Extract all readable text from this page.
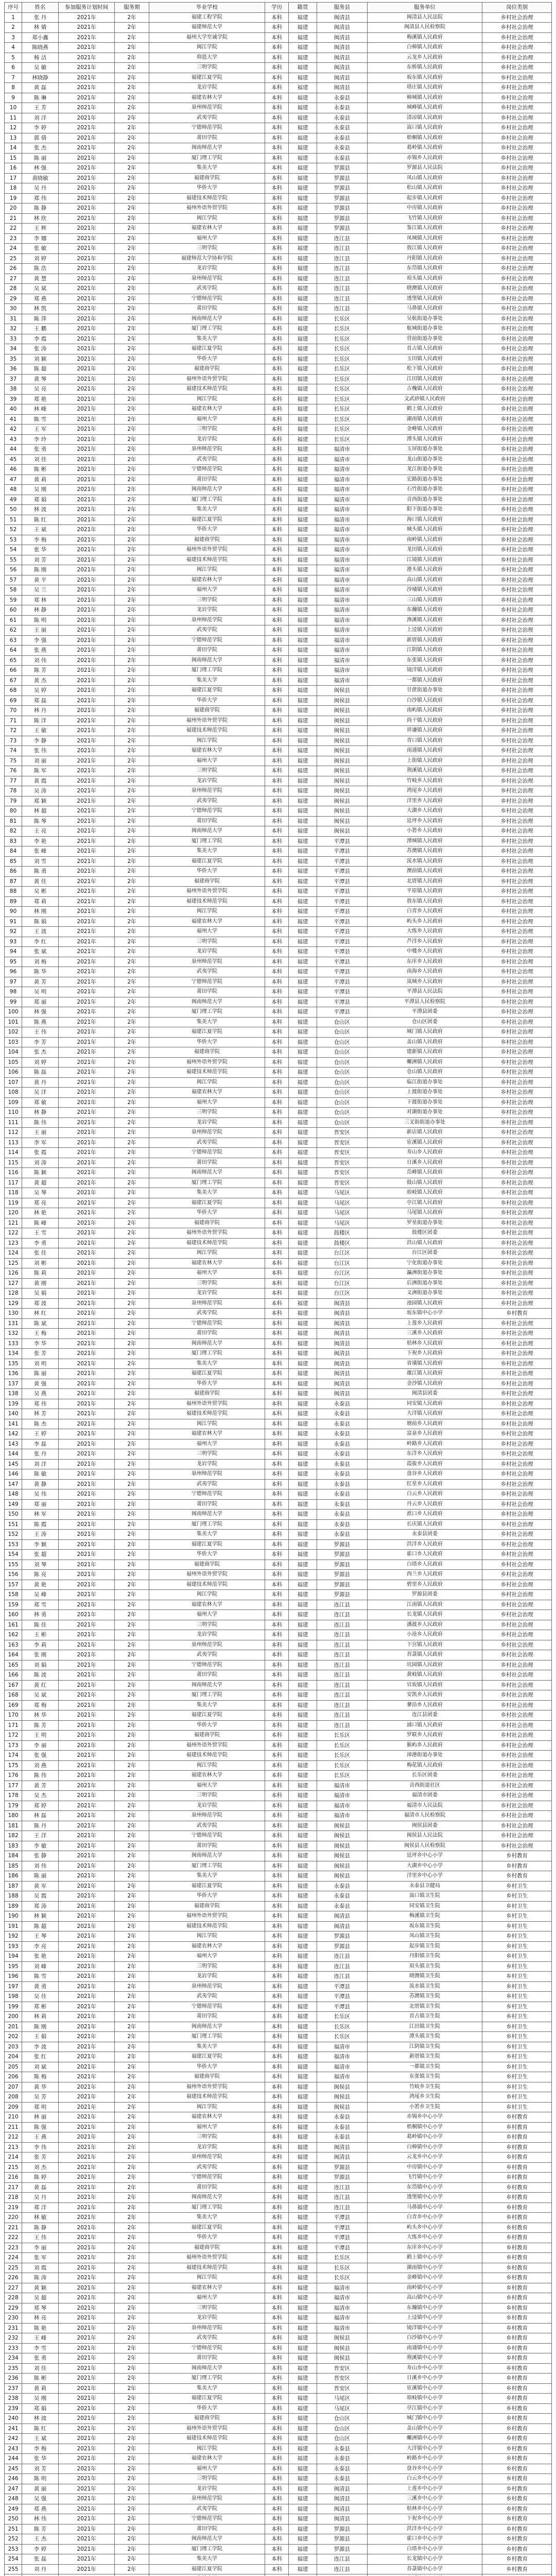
序号	姓名	参加服务计划时间	服务期	毕业学校	学历	籍贯	服务县	服务单位	岗位类别
1	张 丹	2021年	2年	福建工程学院	本科	福建	闽清县	闽清县人民法院	乡村社会治理
2	林 婧	2021年	2年	福建师范大学	本科	福建	闽清县	闽清县人民检察院	乡村社会治理
3	郑小鑫	2021年	2年	福州大学至诚学院	本科	福建	闽清县	梅溪镇人民政府	乡村社会治理
4	陈晓燕	2021年	2年	闽江学院	本科	福建	闽清县	白樟镇人民政府	乡村社会治理
5	杨 洁	2021年	2年	仰恩大学	本科	福建	闽清县	云龙乡人民政府	乡村社会治理
6	吴 敏	2021年	2年	三明学院	本科	福建	闽清县	东桥镇人民政府	乡村社会治理
7	林晓静	2021年	2年	福建江夏学院	本科	福建	闽清县	坂东镇人民政府	乡村社会治理
8	黄 磊	2021年	2年	龙岩学院	本科	福建	闽清县	塔庄镇人民政府	乡村社会治理
9	陈 琳	2021年	2年	福建农林大学	本科	福建	永泰县	樟城镇人民政府	乡村社会治理
10	王 芳	2021年	2年	泉州师范学院	本科	福建	永泰县	城峰镇人民政府	乡村社会治理
11	刘 洋	2021年	2年	武夷学院	本科	福建	永泰县	清凉镇人民政府	乡村社会治理
12	李 婷	2021年	2年	宁德师范学院	本科	福建	永泰县	嵩口镇人民政府	乡村社会治理
13	郭 倩	2021年	2年	莆田学院	本科	福建	永泰县	梧桐镇人民政府	乡村社会治理
14	张 杰	2021年	2年	闽南师范大学	本科	福建	永泰县	葛岭镇人民政府	乡村社会治理
15	陈 丽	2021年	2年	厦门理工学院	本科	福建	永泰县	赤锡乡人民政府	乡村社会治理
16	林 强	2021年	2年	集美大学	本科	福建	罗源县	罗源县人民法院	乡村社会治理
17	黄晓敏	2021年	2年	福建商学院	本科	福建	罗源县	凤山镇人民政府	乡村社会治理
18	吴 丹	2021年	2年	华侨大学	本科	福建	罗源县	松山镇人民政府	乡村社会治理
19	郑 伟	2021年	2年	福建技术师范学院	本科	福建	罗源县	起步镇人民政府	乡村社会治理
20	陈 静	2021年	2年	福州外语外贸学院	本科	福建	罗源县	中房镇人民政府	乡村社会治理
21	林 欣	2021年	2年	闽江学院	本科	福建	罗源县	飞竹镇人民政府	乡村社会治理
22	王 辉	2021年	2年	福建农林大学	本科	福建	罗源县	鉴江镇人民政府	乡村社会治理
23	李 娜	2021年	2年	福州大学	本科	福建	连江县	凤城镇人民政府	乡村社会治理
24	张 敏	2021年	2年	三明学院	本科	福建	连江县	敖江镇人民政府	乡村社会治理
25	刘 婷	2021年	2年	福建师范大学协和学院	本科	福建	连江县	丹阳镇人民政府	乡村社会治理
26	陈 浩	2021年	2年	龙岩学院	本科	福建	连江县	东岱镇人民政府	乡村社会治理
27	黄 慧	2021年	2年	泉州师范学院	本科	福建	连江县	琯头镇人民政府	乡村社会治理
28	吴 斌	2021年	2年	武夷学院	本科	福建	连江县	晓澳镇人民政府	乡村社会治理
29	郑 燕	2021年	2年	宁德师范学院	本科	福建	连江县	透堡镇人民政府	乡村社会治理
30	林 凯	2021年	2年	莆田学院	本科	福建	连江县	马鼻镇人民政府	乡村社会治理
31	陈 萍	2021年	2年	闽南师范大学	本科	福建	长乐区	吴航街道办事处	乡村社会治理
32	王 鹏	2021年	2年	厦门理工学院	本科	福建	长乐区	航城街道办事处	乡村社会治理
33	李 霞	2021年	2年	集美大学	本科	福建	长乐区	营前街道办事处	乡村社会治理
34	张 涛	2021年	2年	福建江夏学院	本科	福建	长乐区	首占镇人民政府	乡村社会治理
35	刘 颖	2021年	2年	华侨大学	本科	福建	长乐区	玉田镇人民政府	乡村社会治理
36	陈 超	2021年	2年	福建商学院	本科	福建	长乐区	松下镇人民政府	乡村社会治理
37	黄 琴	2021年	2年	福州外语外贸学院	本科	福建	长乐区	江田镇人民政府	乡村社会治理
38	吴 亮	2021年	2年	福建技术师范学院	本科	福建	长乐区	古槐镇人民政府	乡村社会治理
39	郑 艳	2021年	2年	闽江学院	本科	福建	长乐区	文武砂镇人民政府	乡村社会治理
40	林 峰	2021年	2年	福建农林大学	本科	福建	长乐区	鹤上镇人民政府	乡村社会治理
41	陈 雪	2021年	2年	福州大学	本科	福建	长乐区	湖南镇人民政府	乡村社会治理
42	王 军	2021年	2年	三明学院	本科	福建	长乐区	金峰镇人民政府	乡村社会治理
43	李 玲	2021年	2年	龙岩学院	本科	福建	长乐区	潭头镇人民政府	乡村社会治理
44	张 勇	2021年	2年	泉州师范学院	本科	福建	福清市	玉屏街道办事处	乡村社会治理
45	刘 佳	2021年	2年	武夷学院	本科	福建	福清市	龙山街道办事处	乡村社会治理
46	陈 彬	2021年	2年	宁德师范学院	本科	福建	福清市	龙江街道办事处	乡村社会治理
47	黄 莉	2021年	2年	莆田学院	本科	福建	福清市	宏路街道办事处	乡村社会治理
48	吴 刚	2021年	2年	闽南师范大学	本科	福建	福清市	石竹街道办事处	乡村社会治理
49	郑 娟	2021年	2年	厦门理工学院	本科	福建	福清市	音西街道办事处	乡村社会治理
50	林 波	2021年	2年	集美大学	本科	福建	福清市	阳下街道办事处	乡村社会治理
51	陈 红	2021年	2年	福建江夏学院	本科	福建	福清市	海口镇人民政府	乡村社会治理
52	王 斌	2021年	2年	华侨大学	本科	福建	福清市	城头镇人民政府	乡村社会治理
53	李 梅	2021年	2年	福建商学院	本科	福建	福清市	南岭镇人民政府	乡村社会治理
54	张 华	2021年	2年	福州外语外贸学院	本科	福建	福清市	龙田镇人民政府	乡村社会治理
55	刘 芳	2021年	2年	福建技术师范学院	本科	福建	福清市	江镜镇人民政府	乡村社会治理
56	陈 刚	2021年	2年	闽江学院	本科	福建	福清市	港头镇人民政府	乡村社会治理
57	黄 平	2021年	2年	福建农林大学	本科	福建	福清市	高山镇人民政府	乡村社会治理
58	吴 兰	2021年	2年	福州大学	本科	福建	福清市	沙埔镇人民政府	乡村社会治理
59	郑 林	2021年	2年	三明学院	本科	福建	福清市	三山镇人民政府	乡村社会治理
60	林 静	2021年	2年	龙岩学院	本科	福建	福清市	东瀚镇人民政府	乡村社会治理
61	陈 明	2021年	2年	泉州师范学院	本科	福建	福清市	渔溪镇人民政府	乡村社会治理
62	王 丽	2021年	2年	武夷学院	本科	福建	福清市	上迳镇人民政府	乡村社会治理
63	李 强	2021年	2年	宁德师范学院	本科	福建	福清市	新厝镇人民政府	乡村社会治理
64	张 燕	2021年	2年	莆田学院	本科	福建	福清市	江阴镇人民政府	乡村社会治理
65	刘 伟	2021年	2年	闽南师范大学	本科	福建	福清市	东张镇人民政府	乡村社会治理
66	陈 芳	2021年	2年	厦门理工学院	本科	福建	福清市	镜洋镇人民政府	乡村社会治理
67	黄 杰	2021年	2年	集美大学	本科	福建	福清市	一都镇人民政府	乡村社会治理
68	吴 婷	2021年	2年	福建江夏学院	本科	福建	闽侯县	甘蔗街道办事处	乡村社会治理
69	郑 磊	2021年	2年	华侨大学	本科	福建	闽侯县	白沙镇人民政府	乡村社会治理
70	林 丹	2021年	2年	福建商学院	本科	福建	闽侯县	南屿镇人民政府	乡村社会治理
71	陈 洋	2021年	2年	福州外语外贸学院	本科	福建	闽侯县	尚干镇人民政府	乡村社会治理
72	王 敏	2021年	2年	福建技术师范学院	本科	福建	闽侯县	祥谦镇人民政府	乡村社会治理
73	李 静	2021年	2年	闽江学院	本科	福建	闽侯县	青口镇人民政府	乡村社会治理
74	张 伟	2021年	2年	福建农林大学	本科	福建	闽侯县	南通镇人民政府	乡村社会治理
75	刘 丽	2021年	2年	福州大学	本科	福建	闽侯县	上街镇人民政府	乡村社会治理
76	陈 军	2021年	2年	三明学院	本科	福建	闽侯县	荆溪镇人民政府	乡村社会治理
77	黄 霞	2021年	2年	龙岩学院	本科	福建	闽侯县	竹岐乡人民政府	乡村社会治理
78	吴 涛	2021年	2年	泉州师范学院	本科	福建	闽侯县	鸿尾乡人民政府	乡村社会治理
79	郑 颖	2021年	2年	武夷学院	本科	福建	闽侯县	洋里乡人民政府	乡村社会治理
80	林 超	2021年	2年	宁德师范学院	本科	福建	闽侯县	大湖乡人民政府	乡村社会治理
81	陈 琴	2021年	2年	莆田学院	本科	福建	闽侯县	廷坪乡人民政府	乡村社会治理
82	王 亮	2021年	2年	闽南师范大学	本科	福建	闽侯县	小箬乡人民政府	乡村社会治理
83	李 艳	2021年	2年	厦门理工学院	本科	福建	平潭县	潭城镇人民政府	乡村社会治理
84	张 峰	2021年	2年	集美大学	本科	福建	平潭县	苏澳镇人民政府	乡村社会治理
85	刘 雪	2021年	2年	福建江夏学院	本科	福建	平潭县	流水镇人民政府	乡村社会治理
86	陈 勇	2021年	2年	华侨大学	本科	福建	平潭县	澳前镇人民政府	乡村社会治理
87	黄 佳	2021年	2年	福建商学院	本科	福建	平潭县	北厝镇人民政府	乡村社会治理
88	吴 彬	2021年	2年	福州外语外贸学院	本科	福建	平潭县	平原镇人民政府	乡村社会治理
89	郑 莉	2021年	2年	福建技术师范学院	本科	福建	平潭县	敖东镇人民政府	乡村社会治理
90	林 刚	2021年	2年	闽江学院	本科	福建	平潭县	白青乡人民政府	乡村社会治理
91	陈 娟	2021年	2年	福建农林大学	本科	福建	平潭县	屿头乡人民政府	乡村社会治理
92	王 波	2021年	2年	福州大学	本科	福建	平潭县	大练乡人民政府	乡村社会治理
93	李 红	2021年	2年	三明学院	本科	福建	平潭县	芦洋乡人民政府	乡村社会治理
94	张 斌	2021年	2年	龙岩学院	本科	福建	平潭县	中楼乡人民政府	乡村社会治理
95	刘 梅	2021年	2年	泉州师范学院	本科	福建	平潭县	东庠乡人民政府	乡村社会治理
96	陈 华	2021年	2年	武夷学院	本科	福建	平潭县	南海乡人民政府	乡村社会治理
97	黄 芳	2021年	2年	宁德师范学院	本科	福建	平潭县	岚城乡人民政府	乡村社会治理
98	吴 明	2021年	2年	莆田学院	本科	福建	平潭县	平潭县人民法院	乡村社会治理
99	郑 丽	2021年	2年	闽南师范大学	本科	福建	平潭县	平潭县人民检察院	乡村社会治理
100	林 强	2021年	2年	厦门理工学院	本科	福建	平潭县	平潭县团委	乡村社会治理
101	陈 燕	2021年	2年	集美大学	本科	福建	仓山区	仓山区团委	乡村社会治理
102	王 伟	2021年	2年	福建江夏学院	本科	福建	仓山区	城门镇人民政府	乡村社会治理
103	李 芳	2021年	2年	华侨大学	本科	福建	仓山区	盖山镇人民政府	乡村社会治理
104	张 杰	2021年	2年	福建商学院	本科	福建	仓山区	建新镇人民政府	乡村社会治理
105	刘 婷	2021年	2年	福州外语外贸学院	本科	福建	仓山区	螺洲镇人民政府	乡村社会治理
106	陈 磊	2021年	2年	福建技术师范学院	本科	福建	仓山区	仓山镇人民政府	乡村社会治理
107	黄 丹	2021年	2年	闽江学院	本科	福建	仓山区	临江街道办事处	乡村社会治理
108	吴 洋	2021年	2年	福建农林大学	本科	福建	仓山区	上渡街道办事处	乡村社会治理
109	郑 敏	2021年	2年	福州大学	本科	福建	仓山区	下渡街道办事处	乡村社会治理
110	林 静	2021年	2年	三明学院	本科	福建	仓山区	对湖街道办事处	乡村社会治理
111	陈 伟	2021年	2年	龙岩学院	本科	福建	仓山区	三叉街街道办事处	乡村社会治理
112	王 丽	2021年	2年	泉州师范学院	本科	福建	晋安区	新店镇人民政府	乡村社会治理
113	李 军	2021年	2年	武夷学院	本科	福建	晋安区	宦溪镇人民政府	乡村社会治理
114	张 霞	2021年	2年	宁德师范学院	本科	福建	晋安区	寿山乡人民政府	乡村社会治理
115	刘 涛	2021年	2年	莆田学院	本科	福建	晋安区	日溪乡人民政府	乡村社会治理
116	陈 颖	2021年	2年	闽南师范大学	本科	福建	晋安区	岳峰镇人民政府	乡村社会治理
117	黄 超	2021年	2年	厦门理工学院	本科	福建	晋安区	鼓山镇人民政府	乡村社会治理
118	吴 琴	2021年	2年	集美大学	本科	福建	马尾区	琅岐镇人民政府	乡村社会治理
119	郑 亮	2021年	2年	福建江夏学院	本科	福建	马尾区	亭江镇人民政府	乡村社会治理
120	林 艳	2021年	2年	华侨大学	本科	福建	马尾区	马尾镇人民政府	乡村社会治理
121	陈 峰	2021年	2年	福建商学院	本科	福建	马尾区	罗星街道办事处	乡村社会治理
122	王 雪	2021年	2年	福州外语外贸学院	本科	福建	鼓楼区	鼓楼区团委	乡村社会治理
123	李 勇	2021年	2年	福建技术师范学院	本科	福建	鼓楼区	洪山镇人民政府	乡村社会治理
124	张 佳	2021年	2年	闽江学院	本科	福建	台江区	台江区团委	乡村社会治理
125	刘 彬	2021年	2年	福建农林大学	本科	福建	台江区	宁化街道办事处	乡村社会治理
126	陈 莉	2021年	2年	福州大学	本科	福建	台江区	瀛洲街道办事处	乡村社会治理
127	黄 刚	2021年	2年	三明学院	本科	福建	台江区	后洲街道办事处	乡村社会治理
128	吴 娟	2021年	2年	龙岩学院	本科	福建	台江区	义洲街道办事处	乡村社会治理
129	郑 波	2021年	2年	泉州师范学院	本科	福建	闽清县	池园镇人民政府	乡村社会治理
130	林 红	2021年	2年	武夷学院	本科	福建	闽清县	坂东镇中心小学	乡村教育
131	陈 斌	2021年	2年	宁德师范学院	本科	福建	闽清县	上莲乡人民政府	乡村社会治理
132	王 梅	2021年	2年	莆田学院	本科	福建	闽清县	三溪乡人民政府	乡村社会治理
133	李 华	2021年	2年	闽南师范大学	本科	福建	闽清县	桔林乡人民政府	乡村社会治理
134	张 芳	2021年	2年	厦门理工学院	本科	福建	闽清县	下祝乡人民政府	乡村社会治理
135	刘 明	2021年	2年	集美大学	本科	福建	闽清县	省璜镇人民政府	乡村社会治理
136	陈 丽	2021年	2年	福建江夏学院	本科	福建	闽清县	雄江镇人民政府	乡村社会治理
137	黄 强	2021年	2年	华侨大学	本科	福建	闽清县	金沙镇人民政府	乡村社会治理
138	吴 燕	2021年	2年	福建商学院	本科	福建	闽清县	闽清县团委	乡村社会治理
139	郑 伟	2021年	2年	福州外语外贸学院	本科	福建	永泰县	同安镇人民政府	乡村社会治理
140	林 芳	2021年	2年	福建技术师范学院	本科	福建	永泰县	大洋镇人民政府	乡村社会治理
141	陈 杰	2021年	2年	闽江学院	本科	福建	永泰县	塘前乡人民政府	乡村社会治理
142	王 婷	2021年	2年	福建农林大学	本科	福建	永泰县	富泉乡人民政府	乡村社会治理
143	李 磊	2021年	2年	福州大学	本科	福建	永泰县	岭路乡人民政府	乡村社会治理
144	张 丹	2021年	2年	三明学院	本科	福建	永泰县	东洋乡人民政府	乡村社会治理
145	刘 洋	2021年	2年	龙岩学院	本科	福建	永泰县	霞拔乡人民政府	乡村社会治理
146	陈 敏	2021年	2年	泉州师范学院	本科	福建	永泰县	盘谷乡人民政府	乡村社会治理
147	黄 静	2021年	2年	武夷学院	本科	福建	永泰县	红星乡人民政府	乡村社会治理
148	吴 伟	2021年	2年	宁德师范学院	本科	福建	永泰县	白云乡人民政府	乡村社会治理
149	郑 丽	2021年	2年	莆田学院	本科	福建	永泰县	丹云乡人民政府	乡村社会治理
150	林 军	2021年	2年	闽南师范大学	本科	福建	永泰县	洑口乡人民政府	乡村社会治理
151	陈 霞	2021年	2年	厦门理工学院	本科	福建	永泰县	长庆镇人民政府	乡村社会治理
152	王 涛	2021年	2年	集美大学	本科	福建	永泰县	永泰县团委	乡村社会治理
153	李 颖	2021年	2年	福建江夏学院	本科	福建	罗源县	洪洋乡人民政府	乡村社会治理
154	张 超	2021年	2年	华侨大学	本科	福建	罗源县	霍口乡人民政府	乡村社会治理
155	刘 琴	2021年	2年	福建商学院	本科	福建	罗源县	白塔乡人民政府	乡村社会治理
156	陈 亮	2021年	2年	福州外语外贸学院	本科	福建	罗源县	西兰乡人民政府	乡村社会治理
157	黄 艳	2021年	2年	福建技术师范学院	本科	福建	罗源县	碧里乡人民政府	乡村社会治理
158	吴 峰	2021年	2年	闽江学院	本科	福建	罗源县	罗源县团委	乡村社会治理
159	郑 雪	2021年	2年	福建农林大学	本科	福建	连江县	江南镇人民政府	乡村社会治理
160	林 勇	2021年	2年	福州大学	本科	福建	连江县	长龙镇人民政府	乡村社会治理
161	陈 佳	2021年	2年	三明学院	本科	福建	连江县	潘渡乡人民政府	乡村社会治理
162	王 彬	2021年	2年	龙岩学院	本科	福建	连江县	小沧乡人民政府	乡村社会治理
163	李 莉	2021年	2年	泉州师范学院	本科	福建	连江县	下宫镇人民政府	乡村社会治理
164	张 刚	2021年	2年	武夷学院	本科	福建	连江县	苔菉镇人民政府	乡村社会治理
165	刘 娟	2021年	2年	宁德师范学院	本科	福建	连江县	坑园镇人民政府	乡村社会治理
166	陈 波	2021年	2年	莆田学院	本科	福建	连江县	黄岐镇人民政府	乡村社会治理
167	黄 红	2021年	2年	闽南师范大学	本科	福建	连江县	官坂镇人民政府	乡村社会治理
168	吴 斌	2021年	2年	厦门理工学院	本科	福建	连江县	安凯乡人民政府	乡村社会治理
169	郑 梅	2021年	2年	集美大学	本科	福建	连江县	蓼沿乡人民政府	乡村社会治理
170	林 华	2021年	2年	福建江夏学院	本科	福建	连江县	连江县团委	乡村社会治理
171	陈 芳	2021年	2年	华侨大学	本科	福建	连江县	浦口镇人民政府	乡村社会治理
172	王 明	2021年	2年	福建商学院	本科	福建	长乐区	罗联乡人民政府	乡村社会治理
173	李 丽	2021年	2年	福州外语外贸学院	本科	福建	长乐区	猴屿乡人民政府	乡村社会治理
174	张 强	2021年	2年	福建技术师范学院	本科	福建	长乐区	漳港街道办事处	乡村社会治理
175	刘 燕	2021年	2年	闽江学院	本科	福建	长乐区	梅花镇人民政府	乡村社会治理
176	陈 伟	2021年	2年	福建农林大学	本科	福建	长乐区	长乐区团委	乡村社会治理
177	黄 芳	2021年	2年	福州大学	本科	福建	福清市	音西街道社区	乡村社会治理
178	吴 杰	2021年	2年	三明学院	本科	福建	福清市	福清市团委	乡村社会治理
179	郑 婷	2021年	2年	龙岩学院	本科	福建	福清市	福清市人民法院	乡村社会治理
180	林 磊	2021年	2年	泉州师范学院	本科	福建	福清市	福清市人民检察院	乡村社会治理
181	陈 丹	2021年	2年	武夷学院	本科	福建	闽侯县	闽侯县团委	乡村社会治理
182	王 洋	2021年	2年	宁德师范学院	本科	福建	闽侯县	闽侯县人民法院	乡村社会治理
183	李 敏	2021年	2年	莆田学院	本科	福建	闽侯县	闽侯县人民检察院	乡村社会治理
184	张 静	2021年	2年	闽南师范大学	本科	福建	闽侯县	廷坪乡中心小学	乡村教育
185	刘 伟	2021年	2年	厦门理工学院	本科	福建	闽侯县	大湖乡中心小学	乡村教育
186	陈 丽	2021年	2年	集美大学	本科	福建	闽侯县	洋里乡中心小学	乡村教育
187	黄 军	2021年	2年	福建江夏学院	本科	福建	永泰县	永泰县卫健局	乡村卫生
188	吴 霞	2021年	2年	华侨大学	本科	福建	永泰县	嵩口镇卫生院	乡村卫生
189	郑 涛	2021年	2年	福建商学院	本科	福建	永泰县	同安镇卫生院	乡村卫生
190	林 颖	2021年	2年	福州外语外贸学院	本科	福建	闽清县	梅溪镇卫生院	乡村卫生
191	陈 超	2021年	2年	福建技术师范学院	本科	福建	闽清县	坂东镇卫生院	乡村卫生
192	王 琴	2021年	2年	闽江学院	本科	福建	罗源县	凤山镇卫生院	乡村卫生
193	李 亮	2021年	2年	福建农林大学	本科	福建	罗源县	起步镇卫生院	乡村卫生
194	张 艳	2021年	2年	福州大学	本科	福建	连江县	丹阳镇卫生院	乡村卫生
195	刘 峰	2021年	2年	三明学院	本科	福建	连江县	琯头镇卫生院	乡村卫生
196	陈 雪	2021年	2年	龙岩学院	本科	福建	连江县	晓澳镇卫生院	乡村卫生
197	黄 勇	2021年	2年	泉州师范学院	本科	福建	平潭县	流水镇卫生院	乡村卫生
198	吴 佳	2021年	2年	武夷学院	本科	福建	平潭县	苏澳镇卫生院	乡村卫生
199	郑 彬	2021年	2年	宁德师范学院	本科	福建	平潭县	北厝镇卫生院	乡村卫生
200	林 莉	2021年	2年	莆田学院	本科	福建	长乐区	首占镇卫生院	乡村卫生
201	陈 刚	2021年	2年	闽南师范大学	本科	福建	长乐区	江田镇卫生院	乡村卫生
202	王 娟	2021年	2年	厦门理工学院	本科	福建	长乐区	潭头镇卫生院	乡村卫生
203	李 波	2021年	2年	集美大学	本科	福建	福清市	江阴镇卫生院	乡村卫生
204	张 红	2021年	2年	福建江夏学院	本科	福建	福清市	新厝镇卫生院	乡村卫生
205	刘 斌	2021年	2年	华侨大学	本科	福建	福清市	一都镇卫生院	乡村卫生
206	陈 梅	2021年	2年	福建商学院	本科	福建	福清市	东张镇卫生院	乡村卫生
207	黄 华	2021年	2年	福州外语外贸学院	本科	福建	闽侯县	竹岐乡卫生院	乡村卫生
208	吴 芳	2021年	2年	福建技术师范学院	本科	福建	闽侯县	鸿尾乡卫生院	乡村卫生
209	郑 明	2021年	2年	闽江学院	本科	福建	闽侯县	小箬乡卫生院	乡村卫生
210	林 丽	2021年	2年	福建农林大学	本科	福建	永泰县	赤锡乡中心小学	乡村教育
211	陈 强	2021年	2年	福州大学	本科	福建	永泰县	梧桐镇中心小学	乡村教育
212	王 燕	2021年	2年	三明学院	本科	福建	永泰县	葛岭镇中心小学	乡村教育
213	李 伟	2021年	2年	龙岩学院	本科	福建	闽清县	白樟镇中心小学	乡村教育
214	张 芳	2021年	2年	泉州师范学院	本科	福建	闽清县	云龙乡中心小学	乡村教育
215	刘 杰	2021年	2年	武夷学院	本科	福建	罗源县	中房镇中心小学	乡村教育
216	陈 婷	2021年	2年	宁德师范学院	本科	福建	罗源县	飞竹镇中心小学	乡村教育
217	黄 磊	2021年	2年	莆田学院	本科	福建	连江县	东岱镇中心小学	乡村教育
218	吴 丹	2021年	2年	闽南师范大学	本科	福建	连江县	透堡镇中心小学	乡村教育
219	郑 洋	2021年	2年	厦门理工学院	本科	福建	连江县	马鼻镇中心小学	乡村教育
220	林 敏	2021年	2年	集美大学	本科	福建	平潭县	白青乡中心小学	乡村教育
221	陈 静	2021年	2年	福建江夏学院	本科	福建	平潭县	屿头乡中心小学	乡村教育
222	王 伟	2021年	2年	华侨大学	本科	福建	平潭县	大练乡中心小学	乡村教育
223	李 丽	2021年	2年	福建商学院	本科	福建	平潭县	东庠乡中心小学	乡村教育
224	张 军	2021年	2年	福州外语外贸学院	本科	福建	长乐区	鹤上镇中心小学	乡村教育
225	刘 霞	2021年	2年	福建技术师范学院	本科	福建	长乐区	湖南镇中心小学	乡村教育
226	陈 涛	2021年	2年	闽江学院	本科	福建	长乐区	金峰镇中心小学	乡村教育
227	黄 颖	2021年	2年	福建农林大学	本科	福建	福清市	南岭镇中心小学	乡村教育
228	吴 超	2021年	2年	福州大学	本科	福建	福清市	高山镇中心小学	乡村教育
229	郑 琴	2021年	2年	三明学院	本科	福建	福清市	东瀚镇中心小学	乡村教育
230	林 亮	2021年	2年	龙岩学院	本科	福建	福清市	上迳镇中心小学	乡村教育
231	陈 艳	2021年	2年	泉州师范学院	本科	福建	福清市	镜洋镇中心小学	乡村教育
232	王 峰	2021年	2年	武夷学院	本科	福建	闽侯县	白沙镇中心小学	乡村教育
233	李 雪	2021年	2年	宁德师范学院	本科	福建	闽侯县	南通镇中心小学	乡村教育
234	张 勇	2021年	2年	莆田学院	本科	福建	闽侯县	荆溪镇中心小学	乡村教育
235	刘 佳	2021年	2年	闽南师范大学	本科	福建	晋安区	寿山乡中心小学	乡村教育
236	陈 彬	2021年	2年	厦门理工学院	本科	福建	晋安区	日溪乡中心小学	乡村教育
237	黄 莉	2021年	2年	集美大学	本科	福建	晋安区	宦溪镇中心小学	乡村教育
238	吴 刚	2021年	2年	福建江夏学院	本科	福建	马尾区	琅岐镇中心小学	乡村教育
239	郑 娟	2021年	2年	华侨大学	本科	福建	马尾区	亭江镇中心小学	乡村教育
240	林 波	2021年	2年	福建商学院	本科	福建	仓山区	城门镇中心小学	乡村教育
241	陈 红	2021年	2年	福州外语外贸学院	本科	福建	仓山区	盖山镇中心小学	乡村教育
242	王 斌	2021年	2年	福建技术师范学院	本科	福建	仓山区	螺洲镇中心小学	乡村教育
243	李 梅	2021年	2年	闽江学院	本科	福建	永泰县	大洋镇中心小学	乡村教育
244	张 华	2021年	2年	福建农林大学	本科	福建	永泰县	岭路乡中心小学	乡村教育
245	刘 芳	2021年	2年	福州大学	本科	福建	永泰县	盘谷乡中心小学	乡村教育
246	陈 明	2021年	2年	三明学院	本科	福建	永泰县	白云乡中心小学	乡村教育
247	黄 丽	2021年	2年	龙岩学院	本科	福建	闽清县	上莲乡中心小学	乡村教育
248	吴 强	2021年	2年	泉州师范学院	本科	福建	闽清县	三溪乡中心小学	乡村教育
249	郑 燕	2021年	2年	武夷学院	本科	福建	闽清县	桔林乡中心小学	乡村教育
250	林 伟	2021年	2年	宁德师范学院	本科	福建	闽清县	下祝乡中心小学	乡村教育
251	陈 芳	2021年	2年	莆田学院	本科	福建	罗源县	洪洋乡中心小学	乡村教育
252	王 杰	2021年	2年	闽南师范大学	本科	福建	罗源县	霍口乡中心小学	乡村教育
253	李 婷	2021年	2年	厦门理工学院	本科	福建	罗源县	白塔乡中心小学	乡村教育
254	张 磊	2021年	2年	集美大学	本科	福建	连江县	长龙镇中心小学	乡村教育
255	刘 丹	2021年	2年	福建江夏学院	本科	福建	连江县	苔菉镇中心小学	乡村教育
